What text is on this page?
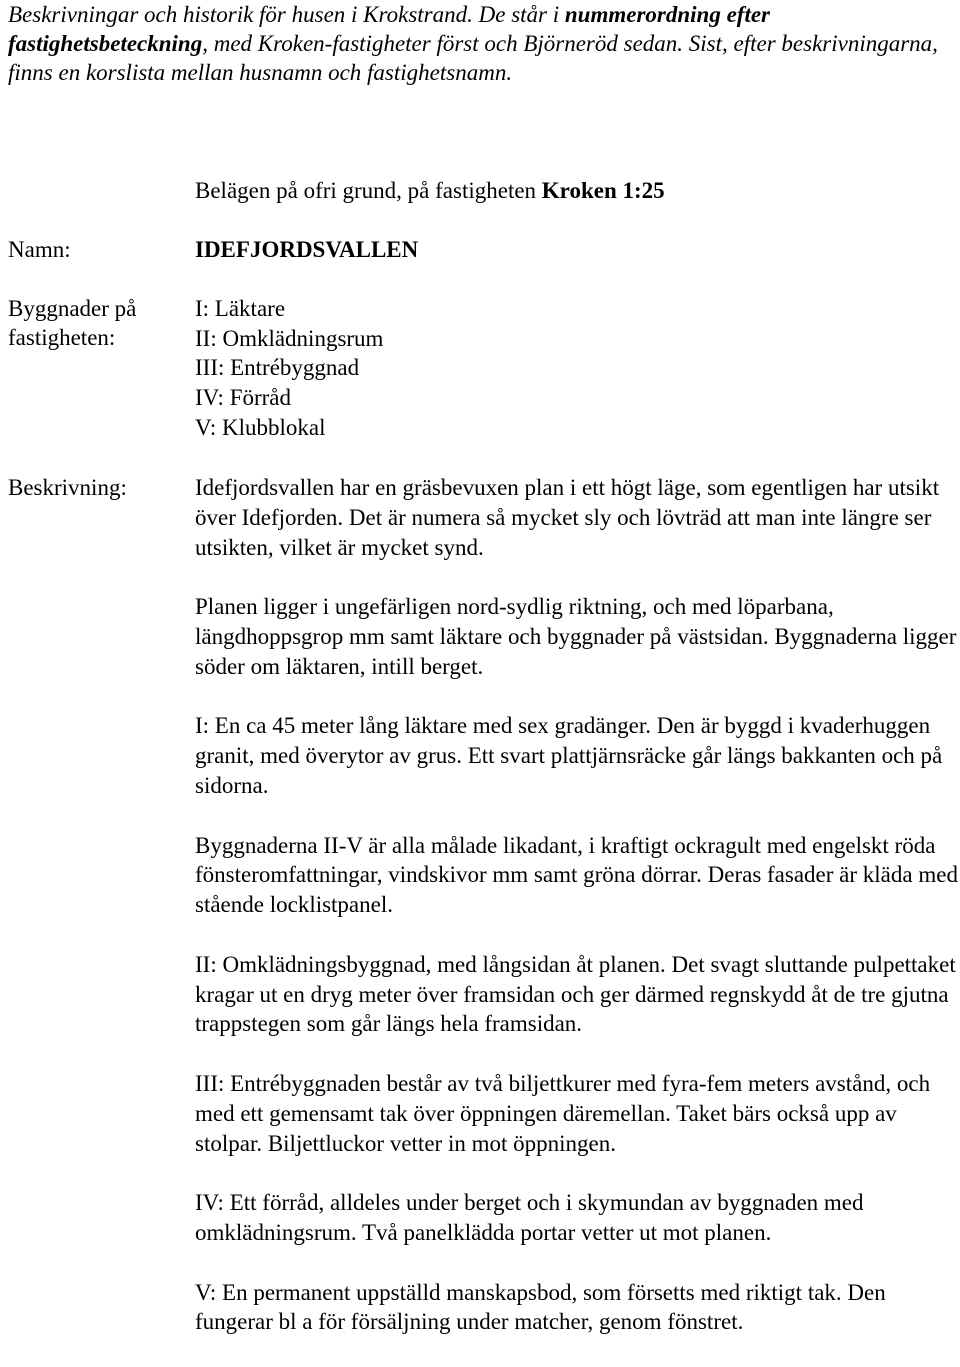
Beskrivningar och historik för husen i Krokstrand. De står i nummerordning efter fastighetsbeteckning, med Kroken-fastigheter först och Björneröd sedan. Sist, efter beskrivningarna, finns en korslista mellan husnamn och fastighetsnamn.
Belägen på ofri grund, på fastigheten Kroken 1:25
Namn:	IDEFJORDSVALLEN
Byggnader på
fastigheten:
I: Läktare
II: Omklädningsrum
III: Entrébyggnad
IV: Förråd
V: Klubblokal
Beskrivning:	Idefjordsvallen har en gräsbevuxen plan i ett högt läge, som egentligen har utsikt över Idefjorden. Det är numera så mycket sly och lövträd att man inte längre ser utsikten, vilket är mycket synd.

Planen ligger i ungefärligen nord-sydlig riktning, och med löparbana, längdhoppsgrop mm samt läktare och byggnader på västsidan. Byggnaderna ligger söder om läktaren, intill berget.

I: En ca 45 meter lång läktare med sex gradänger. Den är byggd i kvaderhuggen granit, med överytor av grus. Ett svart plattjärnsräcke går längs bakkanten och på sidorna.

Byggnaderna II-V är alla målade likadant, i kraftigt ockragult med engelskt röda fönsteromfattningar, vindskivor mm samt gröna dörrar. Deras fasader är kläda med stående locklistpanel.

II: Omklädningsbyggnad, med långsidan åt planen. Det svagt sluttande pulpettaket kragar ut en dryg meter över framsidan och ger därmed regnskydd åt de tre gjutna trappstegen som går längs hela framsidan.

III: Entrébyggnaden består av två biljettkurer med fyra-fem meters avstånd, och med ett gemensamt tak över öppningen däremellan. Taket bärs också upp av stolpar. Biljettluckor vetter in mot öppningen.

IV: Ett förråd, alldeles under berget och i skymundan av byggnaden med omklädningsrum. Två panelklädda portar vetter ut mot planen.

V: En permanent uppställd manskapsbod, som försetts med riktigt tak. Den fungerar bl a för försäljning under matcher, genom fönstret.
